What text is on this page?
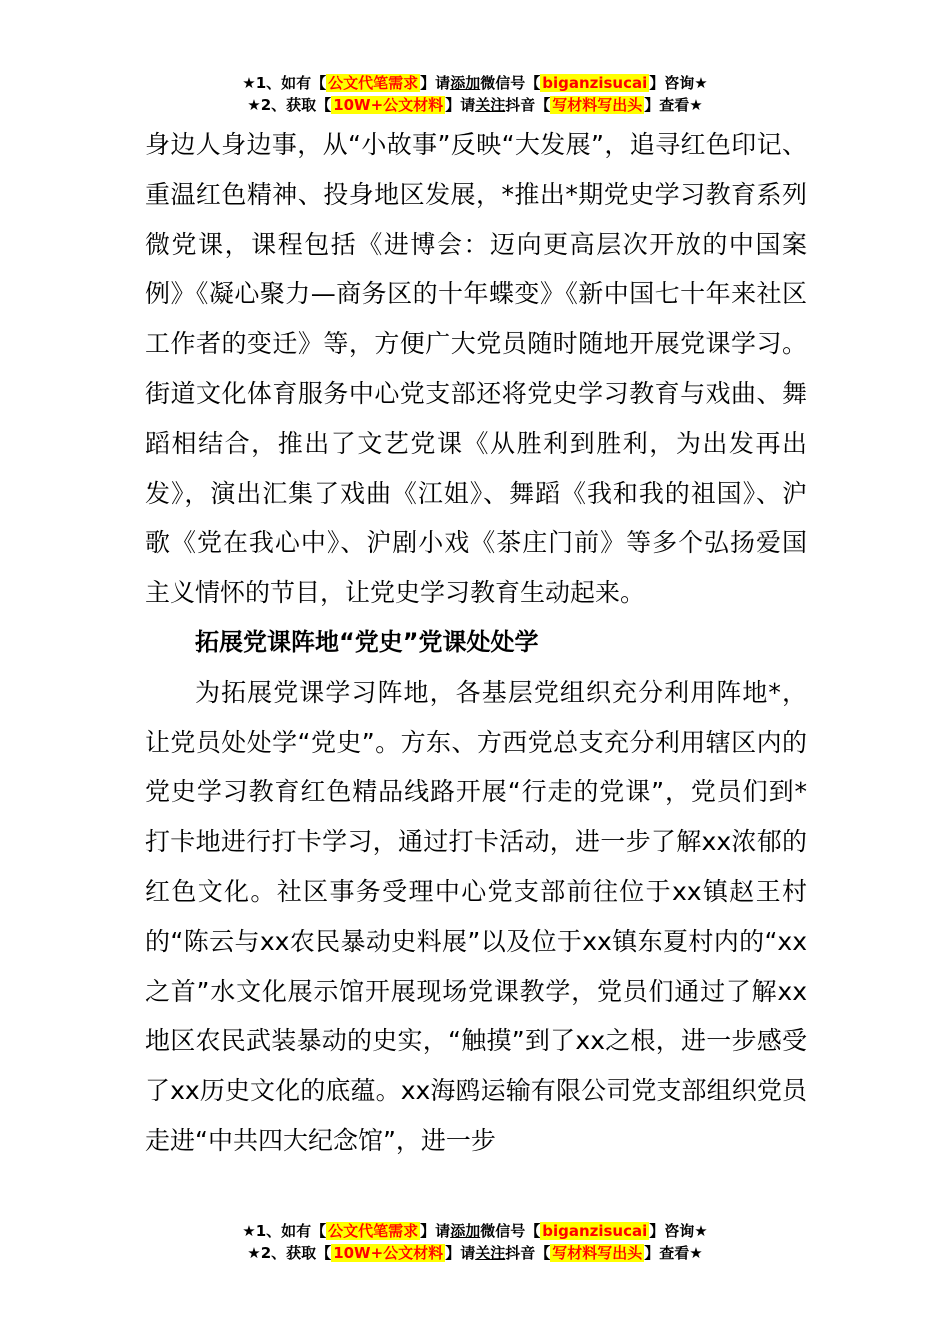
★1、如有【 公文代笔需求 】请添加微信号【 biganzisucai 】咨询★
★2、获取【 10W+公文材料 】请关注抖音【 写材料写出头 】查看★

身边人身边事，从“小故事”反映“大发展”，追寻红色印记、重温红色精神、投身地区发展，*推出*期党史学习教育系列微党课，课程包括《进博会：迈向更高层次开放的中国案例》《凝心聚力—商务区的十年蝶变》《新中国七十年来社区工作者的变迁》等，方便广大党员随时随地开展党课学习。街道文化体育服务中心党支部还将党史学习教育与戏曲、舞蹈相结合，推出了文艺党课《从胜利到胜利，为出发再出发》，演出汇集了戏曲《江姐》、舞蹈《我和我的祖国》、沪歌《党在我心中》、沪剧小戏《茶庄门前》等多个弘扬爱国主义情怀的节目，让党史学习教育生动起来。

拓展党课阵地“党史”党课处处学

为拓展党课学习阵地，各基层党组织充分利用阵地*，让党员处处学“党史”。方东、方西党总支充分利用辖区内的党史学习教育红色精品线路开展“行走的党课”，党员们到*打卡地进行打卡学习，通过打卡活动，进一步了解xx浓郁的红色文化。社区事务受理中心党支部前往位于xx镇赵王村的“陈云与xx农民暴动史料展”以及位于xx镇东夏村内的“xx之首”水文化展示馆开展现场党课教学，党员们通过了解xx地区农民武装暴动的史实，“触摸”到了xx之根，进一步感受了xx历史文化的底蕴。xx海鸥运输有限公司党支部组织党员走进“中共四大纪念馆”，进一步

★1、如有【 公文代笔需求 】请添加微信号【 biganzisucai 】咨询★
★2、获取【 10W+公文材料 】请关注抖音【 写材料写出头 】查看★
